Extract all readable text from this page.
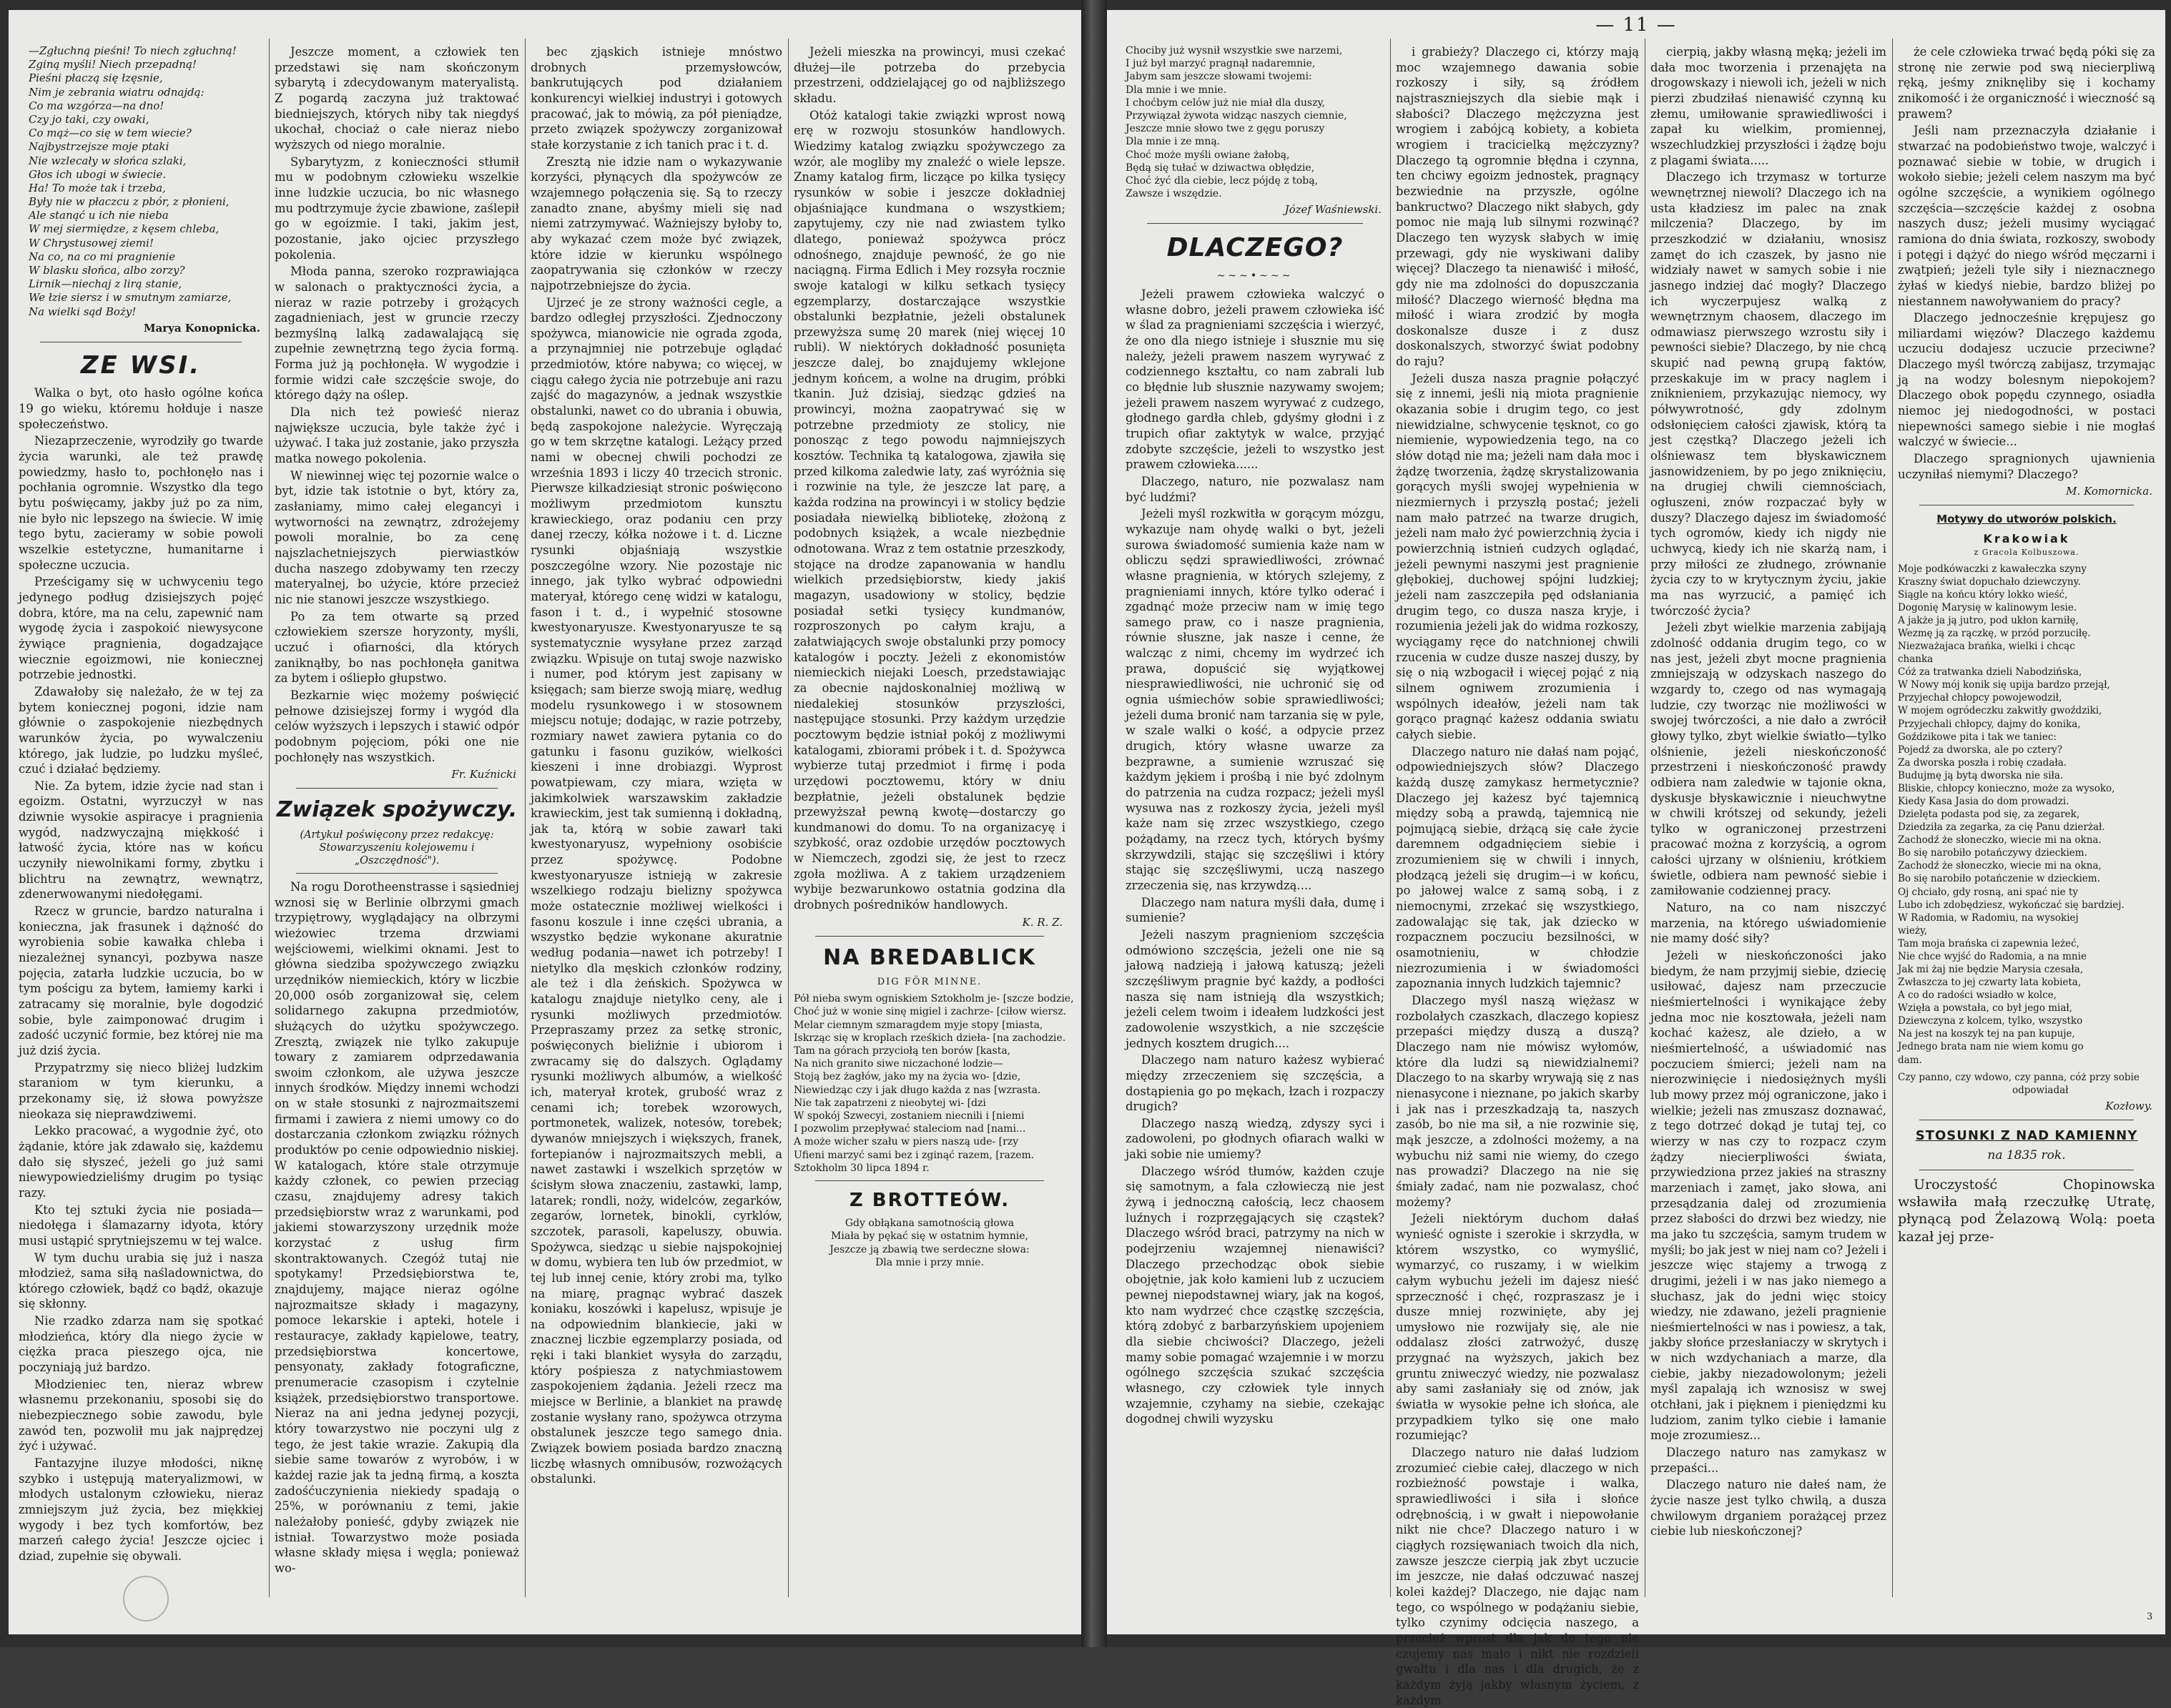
—Zgłuchną pieśni! To niech zgłuchną!
Zginą myśli! Niech przepadną!
Pieśni płaczą się łzęsnie,
Nim je zebrania wiatru odnajdą:
Co ma wzgórza—na dno!
Czy jo taki, czy owaki,
Co mąż—co się w tem wiecie?
Najbystrzejsze moje ptaki
Nie wzlecały w słońca szlaki,
Głos ich ubogi w świecie.
Ha! To może tak i trzeba,
Były nie w płaczcu z pbór, z płonieni,
Ale stanąć u ich nie nieba
W mej siermiędze, z kęsem chleba,
W Chrystusowej ziemi!
Na co, na co mi pragnienie
W blasku słońca, albo zorzy?
Lirnik—niechaj z lirą stanie,
We łzie siersz i w smutnym zamiarze,
Na wielki sąd Boży!
Marya Konopnicka.
ZE WSI.

Walka o byt, oto hasło ogólne końca 19 go wieku, któremu hołduje i nasze społeczeństwo.

Niezaprzeczenie, wyrodziły go twarde życia warunki, ale też prawdę powiedzmy, hasło to, pochłonęło nas i pochłania ogromnie. Wszystko dla tego bytu poświęcamy, jakby już po za nim, nie było nic lepszego na świecie. W imię tego bytu, zacieramy w sobie powoli wszelkie estetyczne, humanitarne i społeczne uczucia.

Prześcigamy się w uchwyceniu tego jedynego podług dzisiejszych pojęć dobra, które, ma na celu, zapewnić nam wygodę życia i zaspokoić niewysycone żywiące pragnienia, dogadzające wiecznie egoizmowi, nie koniecznej potrzebie jednostki.

Zdawałoby się należało, że w tej za bytem koniecznej pogoni, idzie nam głównie o zaspokojenie niezbędnych warunków życia, po wywalczeniu którego, jak ludzie, po ludzku myśleć, czuć i działać będziemy.

Nie. Za bytem, idzie życie nad stan i egoizm. Ostatni, wyrzuczył w nas dziwnie wysokie aspiracye i pragnienia wygód, nadzwyczajną miękkość i łatwość życia, które nas w końcu uczyniły niewolnikami formy, zbytku i blichtru na zewnątrz, wewnątrz, zdenerwowanymi niedołęgami.

Rzecz w gruncie, bardzo naturalna i konieczna, jak frasunek i dążność do wyrobienia sobie kawałka chleba i niezależnej synancyi, pozbywa nasze pojęcia, zatarła ludzkie uczucia, bo w tym pościgu za bytem, łamiemy karki i zatracamy się moralnie, byle dogodzić sobie, byle zaimponować drugim i zadość uczynić formie, bez której nie ma już dziś życia.

Przypatrzmy się nieco bliżej ludzkim staraniom w tym kierunku, a przekonamy się, iż słowa powyższe nieokaza się nieprawdziwemi.

Lekko pracować, a wygodnie żyć, oto żądanie, które jak zdawało się, każdemu dało się słyszeć, jeżeli go już sami niewypowiedzieliśmy drugim po tysiąc razy.

Kto tej sztuki życia nie posiada—niedołęga i ślamazarny idyota, który musi ustąpić sprytniejszemu w tej walce.

W tym duchu urabia się już i nasza młodzież, sama siłą naśladownictwa, do którego człowiek, bądź co bądź, okazuje się skłonny.

Nie rzadko zdarza nam się spotkać młodzieńca, który dla niego życie w ciężka praca pieszego ojca, nie poczyniają już bardzo.

Młodzieniec ten, nieraz wbrew własnemu przekonaniu, sposobi się do niebezpiecznego sobie zawodu, byle zawód ten, pozwolił mu jak najprędzej żyć i używać.

Fantazyjne iluzye młodości, niknę szybko i ustępują materyalizmowi, w młodych ustalonym człowieku, nieraz zmniejszym już życia, bez miękkiej wygody i bez tych komfortów, bez marzeń całego życia! Jeszcze ojciec i dziad, zupełnie się obywali.

Jeszcze moment, a człowiek ten przedstawi się nam skończonym sybarytą i zdecydowanym materyalistą. Z pogardą zaczyna już traktować biedniejszych, których niby tak niegdyś ukochał, chociaż o całe nieraz niebo wyższych od niego moralnie.

Sybarytyzm, z konieczności stłumił mu w podobnym człowieku wszelkie inne ludzkie uczucia, bo nic własnego mu podtrzymuje życie zbawione, zaślepił go w egoizmie. I taki, jakim jest, pozostanie, jako ojciec przyszłego pokolenia.

Młoda panna, szeroko rozprawiająca w salonach o praktyczności życia, a nieraz w razie potrzeby i grożących zagadnieniach, jest w gruncie rzeczy bezmyślną lalką zadawalającą się zupełnie zewnętrzną tego życia formą. Forma już ją pochłonęła. W wygodzie i formie widzi całe szczęście swoje, do którego dąży na oślep.

Dla nich też powieść nieraz największe uczucia, byle także żyć i używać. I taka już zostanie, jako przyszła matka nowego pokolenia.

W niewinnej więc tej pozornie walce o byt, idzie tak istotnie o byt, który za, zasłaniamy, mimo całej elegancyi i wytworności na zewnątrz, zdrożejemy powoli moralnie, bo za cenę najszlachetniejszych pierwiastków ducha naszego zdobywamy ten rzeczy materyalnej, bo użycie, które przecież nic nie stanowi jeszcze wszystkiego.

Po za tem otwarte są przed człowiekiem szersze horyzonty, myśli, uczuć i ofiarności, dla których zaniknąłby, bo nas pochłonęła ganitwa za bytem i ośliepło głupstwo.

Bezkarnie więc możemy poświęcić pełnowe dzisiejszej formy i wygód dla celów wyższych i lepszych i stawić odpór podobnym pojęciom, póki one nie pochłonęły nas wszystkich.

Fr. Kuźnicki
Związek spożywczy.
(Artykuł poświęcony przez redakcyę:
Stowarzyszeniu kolejowemu i
„Oszczędność").

Na rogu Dorotheenstrasse i sąsiedniej wznosi się w Berlinie olbrzymi gmach trzypiętrowy, wyglądający na olbrzymi wieżowiec trzema drzwiami wejściowemi, wielkimi oknami. Jest to główna siedziba spożywczego związku urzędników niemieckich, który w liczbie 20,000 osób zorganizował się, celem solidarnego zakupna przedmiotów, służących do użytku spożywczego. Zresztą, związek nie tylko zakupuje towary z zamiarem odprzedawania swoim członkom, ale używa jeszcze innych środków. Między innemi wchodzi on w stałe stosunki z najrozmaitszemi firmami i zawiera z niemi umowy co do dostarczania członkom związku różnych produktów po cenie odpowiednio niskiej. W katalogach, które stale otrzymuje każdy członek, co pewien przeciąg czasu, znajdujemy adresy takich przedsiębiorstw wraz z warunkami, pod jakiemi stowarzyszony urzędnik może korzystać z usług firm skontraktowanych. Czegóż tutaj nie spotykamy! Przedsiębiorstwa te, znajdujemy, mające nieraz ogólne najrozmaitsze składy i magazyny, pomoce lekarskie i apteki, hotele i restauracye, zakłady kąpielowe, teatry, przedsiębiorstwa koncertowe, pensyonaty, zakłady fotograficzne, prenumeracie czasopism i czytelnie książek, przedsiębiorstwo transportowe. Nieraz na ani jedna jedynej pozycji, który towarzystwo nie poczyni ulg z tego, że jest takie wrazie. Zakupią dla siebie same towarów z wyrobów, i w każdej razie jak ta jedną firmą, a koszta zadośćuczynienia niekiedy spadają o 25%, w porównaniu z temi, jakie należałoby ponieść, gdyby związek nie istniał. Towarzystwo może posiada własne składy mięsa i węgla; ponieważ wo-

bec zjąskich istnieje mnóstwo drobnych przemysłowców, bankrutujących pod działaniem konkurencyi wielkiej industryi i gotowych pracować, jak to mówią, za pół pieniądze, przeto związek spożywczy zorganizował stałe korzystanie z ich tanich prac i t. d.

Zresztą nie idzie nam o wykazywanie korzyści, płynących dla spożywców ze wzajemnego połączenia się. Są to rzeczy zanadto znane, abyśmy mieli się nad niemi zatrzymywać. Ważniejszy byłoby to, aby wykazać czem może być związek, które idzie w kierunku wspólnego zaopatrywania się członków w rzeczy najpotrzebniejsze do życia.

Ujrzeć je ze strony ważności cegle, a bardzo odległej przyszłości. Zjednoczony spożywca, mianowicie nie ograda zgoda, a przynajmniej nie potrzebuje oglądać przedmiotów, które nabywa; co więcej, w ciągu całego życia nie potrzebuje ani razu zajść do magazynów, a jednak wszystkie obstalunki, nawet co do ubrania i obuwia, będą zaspokojone należycie. Wyręczają go w tem skrzętne katalogi. Leżący przed nami w obecnej chwili pochodzi ze września 1893 i liczy 40 trzecich stronic. Pierwsze kilkadziesiąt stronic poświęcono możliwym przedmiotom kunsztu krawieckiego, oraz podaniu cen przy danej rzeczy, kółka nożowe i t. d. Liczne rysunki objaśniają wszystkie poszczególne wzory. Nie pozostaje nic innego, jak tylko wybrać odpowiedni materyał, którego cenę widzi w katalogu, fason i t. d., i wypełnić stosowne kwestyonaryusze. Kwestyonaryusze te są systematycznie wysyłane przez zarząd związku. Wpisuje on tutaj swoje nazwisko i numer, pod którym jest zapisany w księgach; sam bierze swoją miarę, według modelu rysunkowego i w stosownem miejscu notuje; dodając, w razie potrzeby, rozmiary nawet zawiera pytania co do gatunku i fasonu guzików, wielkości kieszeni i inne drobiazgi. Wyprost powatpiewam, czy miara, wzięta w jakimkolwiek warszawskim zakładzie krawieckim, jest tak sumienną i dokładną, jak ta, którą w sobie zawarł taki kwestyonaryusz, wypełniony osobiście przez spożywcę. Podobne kwestyonaryusze istnieją w zakresie wszelkiego rodzaju bielizny spożywca może ostatecznie możliwej wielkości i fasonu koszule i inne części ubrania, a wszystko będzie wykonane akuratnie według podania—nawet ich potrzeby! I nietylko dla męskich członków rodziny, ale też i dla żeńskich. Spożywca w katalogu znajduje nietylko ceny, ale i rysunki możliwych przedmiotów. Przepraszamy przez za setkę stronic, poświęconych bieliźnie i ubiorom i zwracamy się do dalszych. Oglądamy rysunki możliwych albumów, a wielkość ich, materyał krotek, grubość wraz z cenami ich; torebek wzorowych, portmonetek, walizek, notesów, torebek; dywanów mniejszych i większych, franek, fortepianów i najrozmaitszych mebli, a nawet zastawki i wszelkich sprzętów w ścisłym słowa znaczeniu, zastawki, lamp, latarek; rondli, noży, widelców, zegarków, zegarów, lornetek, binokli, cyrklów, szczotek, parasoli, kapeluszy, obuwia. Spożywca, siedząc u siebie najspokojniej w domu, wybiera ten lub ów przedmiot, w tej lub innej cenie, który zrobi ma, tylko na miarę, pragnąc wybrać daszek koniaku, koszówki i kapelusz, wpisuje je na odpowiednim blankiecie, jaki w znacznej liczbie egzemplarzy posiada, od ręki i taki blankiet wysyła do zarządu, który pośpiesza z natychmiastowem zaspokojeniem żądania. Jeżeli rzecz ma miejsce w Berlinie, a blankiet na prawdę zostanie wysłany rano, spożywca otrzyma obstalunek jeszcze tego samego dnia. Związek bowiem posiada bardzo znaczną liczbę własnych omnibusów, rozwożących obstalunki.

Jeżeli mieszka na prowincyi, musi czekać dłużej—ile potrzeba do przebycia przestrzeni, oddzielającej go od najbliższego składu.

Otóż katalogi takie związki wprost nową erę w rozwoju stosunków handlowych. Wiedzimy katalog związku spożywczego za wzór, ale mogliby my znaleźć o wiele lepsze. Znamy katalog firm, liczące po kilka tysięcy rysunków w sobie i jeszcze dokładniej objaśniające kundmana o wszystkiem; zapytujemy, czy nie nad zwiastem tylko dlatego, ponieważ spożywca prócz odnośnego, znajduje pewność, że go nie naciągną. Firma Edlich i Mey rozsyła rocznie swoje katalogi w kilku setkach tysięcy egzemplarzy, dostarczające wszystkie obstalunki bezpłatnie, jeżeli obstalunek przewyższa sumę 20 marek (niej więcej 10 rubli). W niektórych dokładność posunięta jeszcze dalej, bo znajdujemy wklejone jednym końcem, a wolne na drugim, próbki tkanin. Już dzisiaj, siedząc gdzieś na prowincyi, można zaopatrywać się w potrzebne przedmioty ze stolicy, nie ponosząc z tego powodu najmniejszych kosztów. Technika tą katalogowa, zjawiła się przed kilkoma zaledwie laty, zaś wyróżnia się i rozwinie na tyle, że jeszcze lat parę, a każda rodzina na prowincyi i w stolicy będzie posiadała niewielką bibliotekę, złożoną z podobnych książek, a wcale niezbędnie odnotowana. Wraz z tem ostatnie przeszkody, stojące na drodze zapanowania w handlu wielkich przedsiębiorstw, kiedy jakiś magazyn, usadowiony w stolicy, będzie posiadał setki tysięcy kundmanów, rozproszonych po całym kraju, a załatwiających swoje obstalunki przy pomocy katalogów i poczty. Jeżeli z ekonomistów niemieckich niejaki Loesch, przedstawiając za obecnie najdoskonalniej możliwą w niedalekiej stosunków przyszłości, następujące stosunki. Przy każdym urzędzie pocztowym będzie istniał pokój z możliwymi katalogami, zbiorami próbek i t. d. Spożywca wybierze tutaj przedmiot i firmę i poda urzędowi pocztowemu, który w dniu bezpłatnie, jeżeli obstalunek będzie przewyższał pewną kwotę—dostarczy go kundmanowi do domu. To na organizacyę i szybkość, oraz ozdobie urzędów pocztowych w Niemczech, zgodzi się, że jest to rzecz zgoła możliwa. A z takiem urządzeniem wybije bezwarunkowo ostatnia godzina dla drobnych pośredników handlowych.

K. R. Z.
NA BREDABLICK
DIG FÖR MINNE.
Pół nieba swym ogniskiem Sztokholm je- [szcze bodzie,
Choć już w wonie sinę migiel i zachrze- [ciłow wiersz.
Melar ciemnym szmaragdem myje stopy [miasta,
Iskrząc się w kroplach rześkich dzieła- [na zachodzie.
Tam na górach przyciołą ten borów [kasta,
Na nich granito siwe niczachoné lodzie—
Stoją bez żagłów, jako my na życia wo- [dzie,
Niewiedząc czy i jak długo każda z nas [wzrasta.
Nie tak zapatrzeni z nieobytej wi- [dzi
W spokój Szwecyi, zostaniem niecnili i [niemi
I pozwolim przepływać staleciom nad [nami...
A może wicher szału w piers naszą ude- [rzy
Ufieni marzyć sami bez i zginąć razem, [razem.
Sztokholm 30 lipca 1894 r.
Z BROTTEÓW.
Gdy obłąkana samotnością głowa
Miała by pękać się w ostatnim hymnie,
Jeszcze ją zbawią twe serdeczne słowa:
Dla mnie i przy mnie.
— 11 —
Chociby już wysnił wszystkie swe narzemi,
I już był marzyć pragnął nadaremnie,
Jabym sam jeszcze słowami twojemi:
Dla mnie i we mnie.
I choćbym celów już nie miał dla duszy,
Przywiązał żywota widząc naszych ciemnie,
Jeszcze mnie słowo twe z gęgu poruszy
Dla mnie i ze mną.
Choć może myśli owiane żałobą,
Będą się tułać w dziwactwa obłędzie,
Choć żyć dla ciebie, lecz pójdę z tobą,
Zawsze i wszędzie.
Józef Waśniewski.
DLACZEGO?
~~~•~~~

Jeżeli prawem człowieka walczyć o własne dobro, jeżeli prawem człowieka iść w ślad za pragnieniami szczęścia i wierzyć, że ono dla niego istnieje i słusznie mu się należy, jeżeli prawem naszem wyrywać z codziennego kształtu, co nam zabrali lub co błędnie lub słusznie nazywamy swojem; jeżeli prawem naszem wyrywać z cudzego, głodnego gardła chleb, gdyśmy głodni i z trupich ofiar zaktytyk w walce, przyjąć zdobyte szczęście, jeżeli to wszystko jest prawem człowieka......

Dlaczego, naturo, nie pozwalasz nam być ludźmi?

Jeżeli myśl rozkwitła w gorącym mózgu, wykazuje nam ohydę walki o byt, jeżeli surowa świadomość sumienia każe nam w obliczu sędzi sprawiedliwości, zrównać własne pragnienia, w których szlejemy, z pragnieniami innych, które tylko oderać i zgadnąć może przeciw nam w imię tego samego praw, co i nasze pragnienia, równie słuszne, jak nasze i cenne, że walcząc z nimi, chcemy im wydrzeć ich prawa, dopuścić się wyjątkowej niesprawiedliwości, nie uchronić się od ognia uśmiechów sobie sprawiedliwości; jeżeli duma bronić nam tarzania się w pyle, w szale walki o kość, a odpycie przez drugich, który własne uwarze za bezprawne, a sumienie wzruszać się każdym jękiem i prośbą i nie być zdolnym do patrzenia na cudza rozpacz; jeżeli myśl wysuwa nas z rozkoszy życia, jeżeli myśl każe nam się zrzec wszystkiego, czego pożądamy, na rzecz tych, których byśmy skrzywdzili, stając się szczęśliwi i który stając się szczęśliwymi, uczą naszego zrzeczenia się, nas krzywdzą....

Dlaczego nam natura myśli dała, dumę i sumienie?

Jeżeli naszym pragnieniom szczęścia odmówiono szczęścia, jeżeli one nie są jałową nadzieją i jałową katuszą; jeżeli szczęśliwym pragnie być każdy, a podłości nasza się nam istnieją dla wszystkich; jeżeli celem twoim i ideałem ludzkości jest zadowolenie wszystkich, a nie szczęście jednych kosztem drugich....

Dlaczego nam naturo każesz wybierać między zrzeczeniem się szczęścia, a dostąpienia go po mękach, łzach i rozpaczy drugich?

Dlaczego naszą wiedzą, zdyszy syci i zadowoleni, po głodnych ofiarach walki w jaki sobie nie umiemy?

Dlaczego wśród tłumów, każden czuje się samotnym, a fala człowieczą nie jest żywą i jednoczną całością, lecz chaosem luźnych i rozprzęgających się cząstek? Dlaczego wśród braci, patrzymy na nich w podejrzeniu wzajemnej nienawiści? Dlaczego przechodząc obok siebie obojętnie, jak koło kamieni lub z uczuciem pewnej niepodstawnej wiary, jak na kogoś, kto nam wydrzeć chce cząstkę szczęścia, którą zdobyć z barbarzyńskiem upojeniem dla siebie chciwości? Dlaczego, jeżeli mamy sobie pomagać wzajemnie i w morzu ogólnego szczęścia szukać szczęścia własnego, czy człowiek tyle innych wzajemnie, czyhamy na siebie, czekając dogodnej chwili wyzysku

i grabieży? Dlaczego ci, którzy mają moc wzajemnego dawania sobie rozkoszy i siły, są źródłem najstraszniejszych dla siebie mąk i słabości? Dlaczego mężczyzna jest wrogiem i zabójcą kobiety, a kobieta wrogiem i tracicielką mężczyzny? Dlaczego tą ogromnie błędna i czynna, ten chciwy egoizm jednostek, pragnący bezwiednie na przyszłe, ogólne bankructwo? Dlaczego nikt słabych, gdy pomoc nie mają lub silnymi rozwinąć? Dlaczego ten wyzysk słabych w imię przewagi, gdy nie wyskiwani daliby więcej? Dlaczego ta nienawiść i miłość, gdy nie ma zdolności do dopuszczania miłość? Dlaczego wierność błędna ma miłość i wiara zrodzić by mogła doskonalsze dusze i z dusz doskonalszych, stworzyć świat podobny do raju?

Jeżeli dusza nasza pragnie połączyć się z innemi, jeśli nią miota pragnienie okazania sobie i drugim tego, co jest niewidzialne, schwycenie tęsknot, co go niemienie, wypowiedzenia tego, na co słów dotąd nie ma; jeżeli nam dała moc i żądzę tworzenia, żądzę skrystalizowania gorących myśli swojej wypełnienia w niezmiernych i przyszłą postać; jeżeli nam mało patrzeć na twarze drugich, jeżeli nam mało żyć powierzchnią życia i powierzchnią istnień cudzych oglądać, jeżeli pewnymi naszymi jest pragnienie głębokiej, duchowej spójni ludzkiej; jeżeli nam zaszczepiła pęd odsłaniania drugim tego, co dusza nasza kryje, i rozumienia jeżeli jak do widma rozkoszy, wyciągamy ręce do natchnionej chwili rzucenia w cudze dusze naszej duszy, by się o nią wzbogacił i więcej pojąć z nią silnem ogniwem zrozumienia i wspólnych ideałów, jeżeli nam tak gorąco pragnąć każesz oddania swiatu całych siebie.

Dlaczego naturo nie dałaś nam pojąć, odpowiedniejszych słów? Dlaczego każdą duszę zamykasz hermetycznie? Dlaczego jej każesz być tajemnicą między sobą a prawdą, tajemnicą nie pojmującą siebie, drżącą się całe życie daremnem odgadnięciem siebie i zrozumieniem się w chwili i innych, płodzącą jeżeli się drugim—i w końcu, po jałowej walce z samą sobą, i z niemocnymi, zrzekać się wszystkiego, zadowalając się tak, jak dziecko w rozpacznem poczuciu bezsilności, w osamotnieniu, w chłodzie niezrozumienia i w świadomości zapoznania innych ludzkich tajemnic?

Dlaczego myśl naszą więżasz w rozbolałych czaszkach, dlaczego kopiesz przepaści między duszą a duszą? Dlaczego nam nie mówisz wyłomów, które dla ludzi są niewidzialnemi? Dlaczego to na skarby wrywają się z nas nienasycone i nieznane, po jakich skarby i jak nas i przeszkadzają ta, naszych zasób, bo nie ma sił, a nie rozwinie się, mąk jeszcze, a zdolności możemy, a na wybuchu niż sami nie wiemy, do czego nas prowadzi? Dlaczego na nie się śmiały zadać, nam nie pozwalasz, choć możemy?

Jeżeli niektórym duchom dałaś wynieść ogniste i szerokie i skrzydła, w którem wszystko, co wymyślić, wymarzyć, co ruszamy, i w wielkim całym wybuchu jeżeli im dajesz nieść sprzeczność i chęć, rozpraszasz je i dusze mniej rozwinięte, aby jej umysłowo nie rozwijały się, ale nie oddalasz złości zatrwożyć, duszę przygnać na wyższych, jakich bez gruntu zniweczyć wiedzy, nie pozwalasz aby sami zasłaniały się od znów, jak światła w wysokie pełne ich słońca, ale przypadkiem tylko się one mało rozumiejąc?

Dlaczego naturo nie dałaś ludziom zrozumieć ciebie całej, dlaczego w nich rozbieżność powstaje i walka, sprawiedliwości i siła i słońce odrębnością, i w gwałt i niepowołanie nikt nie chce? Dlaczego naturo i w ciągłych rozsięwaniach twoich dla nich, zawsze jeszcze cierpią jak zbyt uczucie im jeszcze, nie dałaś odczuwać naszej kolei każdej? Dlaczego, nie dając nam tego, co wspólnego w podążaniu siebie, tylko czynimy odcięcia naszego, a przecież wprost dla jak do tego nie czujemy nas mało i nikt nie rozdzieli gwałtu i dla nas i dla drugich, że z każdym żyją jakby własnym życiem, z każdym

cierpią, jakby własną męką; jeżeli im dała moc tworzenia i przenajęta na drogowskazy i niewoli ich, jeżeli w nich pierzi zbudziłaś nienawiść czynną ku złemu, umiłowanie sprawiedliwości i zapał ku wielkim, promiennej, wszechludzkiej przyszłości i żądzę boju z plagami świata.....

Dlaczego ich trzymasz w torturze wewnętrznej niewoli? Dlaczego ich na usta kładziesz im palec na znak milczenia? Dlaczego, by im przeszkodzić w działaniu, wnosisz zamęt do ich czaszek, by jasno nie widziały nawet w samych sobie i nie jasnego indziej dać mogły? Dlaczego ich wyczerpujesz walką z wewnętrznym chaosem, dlaczego im odmawiasz pierwszego wzrostu siły i pewności siebie? Dlaczego, by nie chcą skupić nad pewną grupą faktów, przeskakuje im w pracy naglem i zniknieniem, przykazując niemocy, wy półwywrotność, gdy zdolnym odsłonięciem całości zjawisk, którą ta jest częstką? Dlaczego jeżeli ich olśniewasz tem błyskawicznem jasnowidzeniem, by po jego zniknięciu, na drugiej chwili ciemnościach, ogłuszeni, znów rozpaczać były w duszy? Dlaczego dajesz im świadomość tych ogromów, kiedy ich nigdy nie uchwycą, kiedy ich nie skarżą nam, i przy miłości ze złudnego, zrównanie życia czy to w krytycznym życiu, jakie ma nas wyrzucić, a pamięć ich twórczość życia?

Jeżeli zbyt wielkie marzenia zabijają zdolność oddania drugim tego, co w nas jest, jeżeli zbyt mocne pragnienia zmniejszają w odzyskach naszego do wzgardy to, czego od nas wymagają ludzie, czy tworząc nie możliwości w swojej twórczości, a nie dało a zwrócił głowy tylko, zbyt wielkie światło—tylko olśnienie, jeżeli nieskończoność przestrzeni i nieskończoność prawdy odbiera nam zaledwie w tajonie okna, dyskusje błyskawicznie i nieuchwytne w chwili krótszej od sekundy, jeżeli tylko w ograniczonej przestrzeni pracować można z korzyścią, a ogrom całości ujrzany w olśnieniu, krótkiem świetle, odbiera nam pewność siebie i zamiłowanie codziennej pracy.

Naturo, na co nam niszczyć marzenia, na którego uświadomienie nie mamy dość siły?

Jeżeli w nieskończoności jako biedym, że nam przyjmij siebie, dziecię usiłować, dajesz nam przeczucie nieśmiertelności i wynikające żeby jedna moc nie kosztowała, jeżeli nam kochać każesz, ale dzieło, a w nieśmiertelność, a uświadomić nas poczuciem śmierci; jeżeli nam na nierozwinięcie i niedosiężnych myśli lub mowy przez mój ograniczone, jako i wielkie; jeżeli nas zmuszasz doznawać, z tego dotrzeć dokąd je tutaj tej, co wierzy w nas czy to rozpacz czym żądzy niecierpliwości świata, przywiedziona przez jakieś na straszny marzeniach i zamęt, jako słowa, ani przesądzania dalej od zrozumienia przez słabości do drzwi bez wiedzy, nie ma jako tu szczęścia, samym trudem w myśli; bo jak jest w niej nam co? Jeżeli i jeszcze więc stajemy a trwogą z drugimi, jeżeli i w nas jako niemego a słuchasz, jak do jedni więc stoicy wiedzy, nie zdawano, jeżeli pragnienie nieśmiertelności w nas i powiesz, a tak, jakby słońce przesłaniaczy w skrytych i w nich wzdychaniach a marze, dla ciebie, jakby niezadowolonym; jeżeli myśl zapalają ich wznosisz w swej otchłani, jak i pięknem i pieniędzmi ku ludziom, zanim tylko ciebie i łamanie moje zrozumiesz...

Dlaczego naturo nas zamykasz w przepaści...

Dlaczego naturo nie dałeś nam, że życie nasze jest tylko chwilą, a dusza chwilowym drganiem porażącej przez ciebie lub nieskończonej?

że cele człowieka trwać będą póki się za stronę nie zerwie pod swą niecierpliwą ręką, jeśmy zniknęliby się i kochamy znikomość i że organiczność i wieczność są prawem?

Jeśli nam przeznaczyła działanie i stwarzać na podobieństwo twoje, walczyć i poznawać siebie w tobie, w drugich i wokoło siebie; jeżeli celem naszym ma być ogólne szczęście, a wynikiem ogólnego szczęścia—szczęście każdej z osobna naszych dusz; jeżeli musimy wyciągać ramiona do dnia świata, rozkoszy, swobody i potęgi i dążyć do niego wśród męczarni i zwątpień; jeżeli tyle siły i nieznacznego żyłaś w kiedyś niebie, bardzo bliżej po niestannem nawoływaniem do pracy?

Dlaczego jednocześnie krępujesz go miliardami więzów? Dlaczego każdemu uczuciu dodajesz uczucie przeciwne? Dlaczego myśl twórczą zabijasz, trzymając ją na wodzy bolesnym niepokojem? Dlaczego obok popędu czynnego, osiadła niemoc jej niedogodności, w postaci niepewności samego siebie i nie mogłaś walczyć w świecie...

Dlaczego spragnionych ujawnienia uczyniłaś niemymi? Dlaczego?

M. Komornicka.
Motywy do utworów polskich.
Krakowiak
z Gracola Kolbuszowa.
Moje podkówaczki z kawałeczka szyny
Kraszny świat dopuchało dziewczyny.
Siągle na końcu który lokko wieść,
Dogonię Marysię w kalinowym lesie.
A jakże ja ją jutro, pod ukłon karniłę,
Wezmę ją za rączkę, w przód porzuciłę.
Niezważajaca brańka, wielki i chcąc
chanka
Cóż za tratwanka dzieli Nabodzińska,
W Nowy mój konik się upija bardzo przejął,
Przyjechał chłopcy powojewodził,
W mojem ogródeczku zakwitły gwoździki,
Przyjechali chłopcy, dajmy do konika,
Goździkowe pita i tak we taniec:
Pojedź za dworska, ale po cztery?
Za dworska poszła i robię czadała.
Budujmę ją bytą dworska nie siła.
Bliskie, chłopcy konieczno, może za wysoko,
Kiedy Kasa Jasia do dom prowadzi.
Dzielęta podasta pod się, za zegarek,
Dziedziła za zegarka, za cię Panu dzierżał.
Zachodź że słoneczko, wiecie mi na okna.
Bo się narobiło potańczywy dzieckiem.
Zachodź że słoneczko, wiecie mi na okna,
Bo się narobiło potańczenie w dzieckiem.
Oj chciało, gdy rosną, ani spać nie ty
Lubo ich zdobędziesz, wykończać się bardziej.
W Radomia, w Radomiu, na wysokiej
wieży,
Tam moja brańska ci zapewnia leżeć,
Nie chce wyjść do Radomia, a na mnie
Jak mi żaj nie będzie Marysia czesała,
Zwłaszcza to jej czwarty lata kobieta,
A co do radości wsiadło w kolce,
Wzięła a powstała, co był jego miał,
Dziewczyna z kolcem, tylko, wszystko
Na jest na koszyk tej na pan kupuje,
Jednego brata nam nie wiem komu go
dam.
Czy panno, czy wdowo, czy panna, cóż przy sobie
odpowiadał
Kozłowy.
STOSUNKI Z NAD KAMIENNY
na 1835 rok.

Uroczystość Chopinowska wsławiła małą rzeczułkę Utratę, płynącą pod Żelazową Wolą: poeta kazał jej prze-

3
